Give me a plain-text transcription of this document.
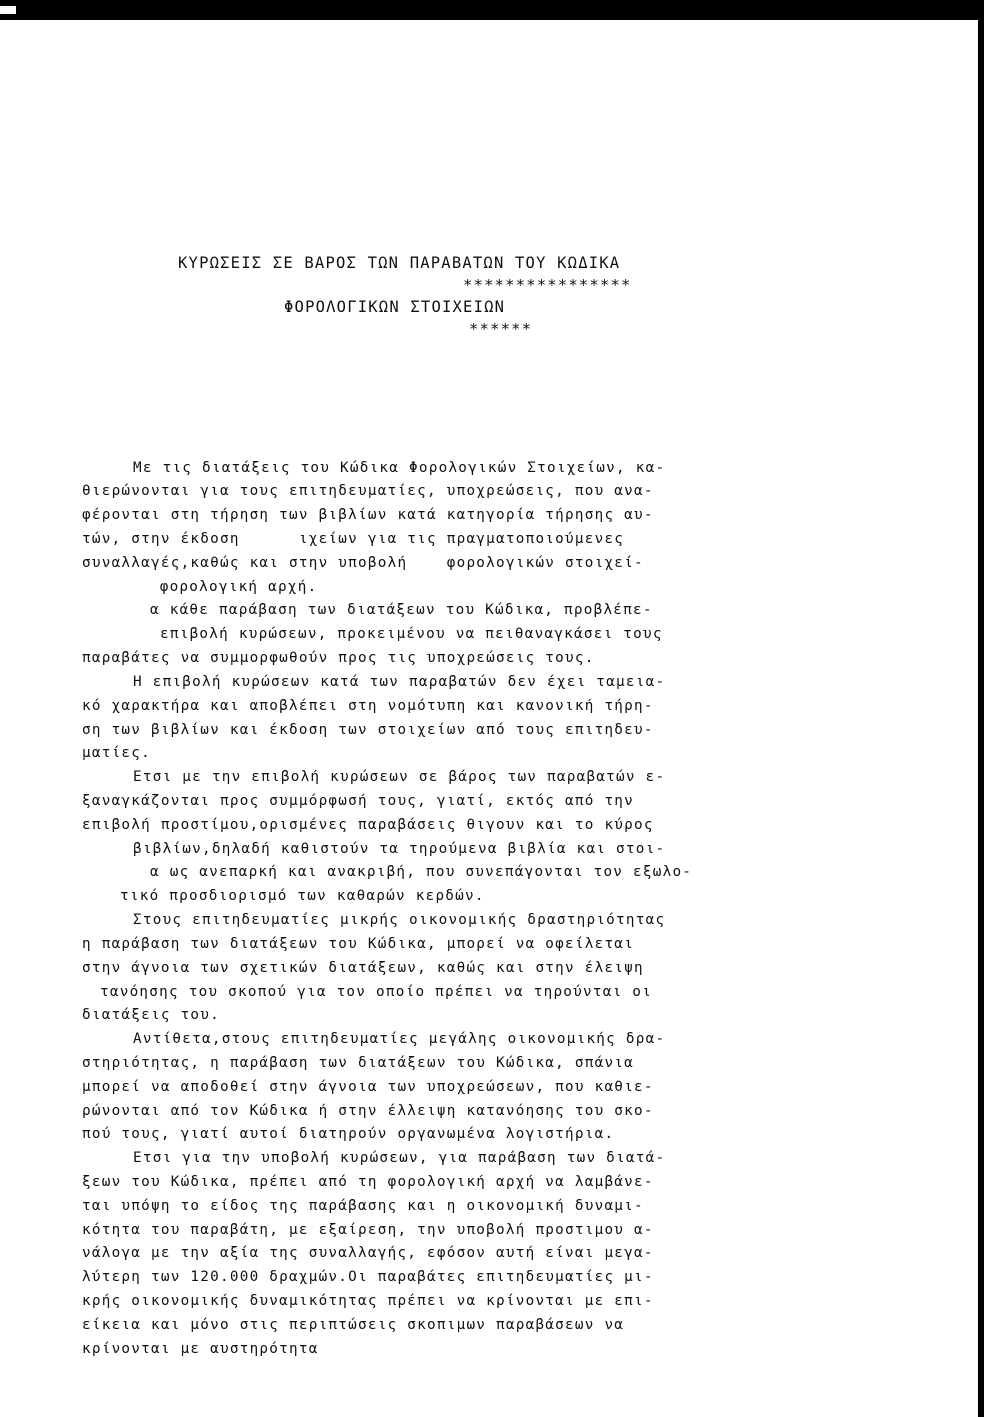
ΚΥΡΩΣΕΙΣ ΣΕ ΒΑΡΟΣ ΤΩΝ ΠΑΡΑΒΑΤΩΝ ΤΟΥ ΚΩΔΙΚΑ
****************
ΦΟΡΟΛΟΓΙΚΩΝ ΣΤΟΙΧΕΙΩΝ
******
Με τις διατάξεις του Κώδικα Φορολογικών Στοιχείων, κα-
θιερώνονται για τους επιτηδευματίες, υποχρεώσεις, που ανα-
φέρονται στη τήρηση των βιβλίων κατά κατηγορία τήρησης αυ-
τών, στην έκδοση      ιχείων για τις πραγματοποιούμενες
συναλλαγές,καθώς και στην υποβολή    φορολογικών στοιχεί-
φορολογική αρχή.
α κάθε παράβαση των διατάξεων του Κώδικα, προβλέπε-
επιβολή κυρώσεων, προκειμένου να πειθαναγκάσει τους
παραβάτες να συμμορφωθούν προς τις υποχρεώσεις τους.
Η επιβολή κυρώσεων κατά των παραβατών δεν έχει ταμεια-
κό χαρακτήρα και αποβλέπει στη νομότυπη και κανονική τήρη-
ση των βιβλίων και έκδοση των στοιχείων από τους επιτηδευ-
ματίες.
Ετσι με την επιβολή κυρώσεων σε βάρος των παραβατών ε-
ξαναγκάζονται προς συμμόρφωσή τους, γιατί, εκτός από την
επιβολή προστίμου,ορισμένες παραβάσεις θιγουν και το κύρος
βιβλίων,δηλαδή καθιστούν τα τηρούμενα βιβλία και στοι-
α ως ανεπαρκή και ανακριβή, που συνεπάγονται τον εξωλο-
τικό προσδιορισμό των καθαρών κερδών.
Στους επιτηδευματίες μικρής οικονομικής δραστηριότητας
η παράβαση των διατάξεων του Κώδικα, μπορεί να οφείλεται
στην άγνοια των σχετικών διατάξεων, καθώς και στην έλειψη
τανόησης του σκοπού για τον οποίο πρέπει να τηρούνται οι
διατάξεις του.
Αντίθετα,στους επιτηδευματίες μεγάλης οικονομικής δρα-
στηριότητας, η παράβαση των διατάξεων του Κώδικα, σπάνια
μπορεί να αποδοθεί στην άγνοια των υποχρεώσεων, που καθιε-
ρώνονται από τον Κώδικα ή στην έλλειψη κατανόησης του σκο-
πού τους, γιατί αυτοί διατηρούν οργανωμένα λογιστήρια.
Ετσι για την υποβολή κυρώσεων, για παράβαση των διατά-
ξεων του Κώδικα, πρέπει από τη φορολογική αρχή να λαμβάνε-
ται υπόψη το είδος της παράβασης και η οικονομική δυναμι-
κότητα του παραβάτη, με εξαίρεση, την υποβολή προστιμου α-
νάλογα με την αξία της συναλλαγής, εφόσον αυτή είναι μεγα-
λύτερη των 120.000 δραχμών.Οι παραβάτες επιτηδευματίες μι-
κρής οικονομικής δυναμικότητας πρέπει να κρίνονται με επι-
είκεια και μόνο στις περιπτώσεις σκοπιμων παραβάσεων να
κρίνονται με αυστηρότητα
